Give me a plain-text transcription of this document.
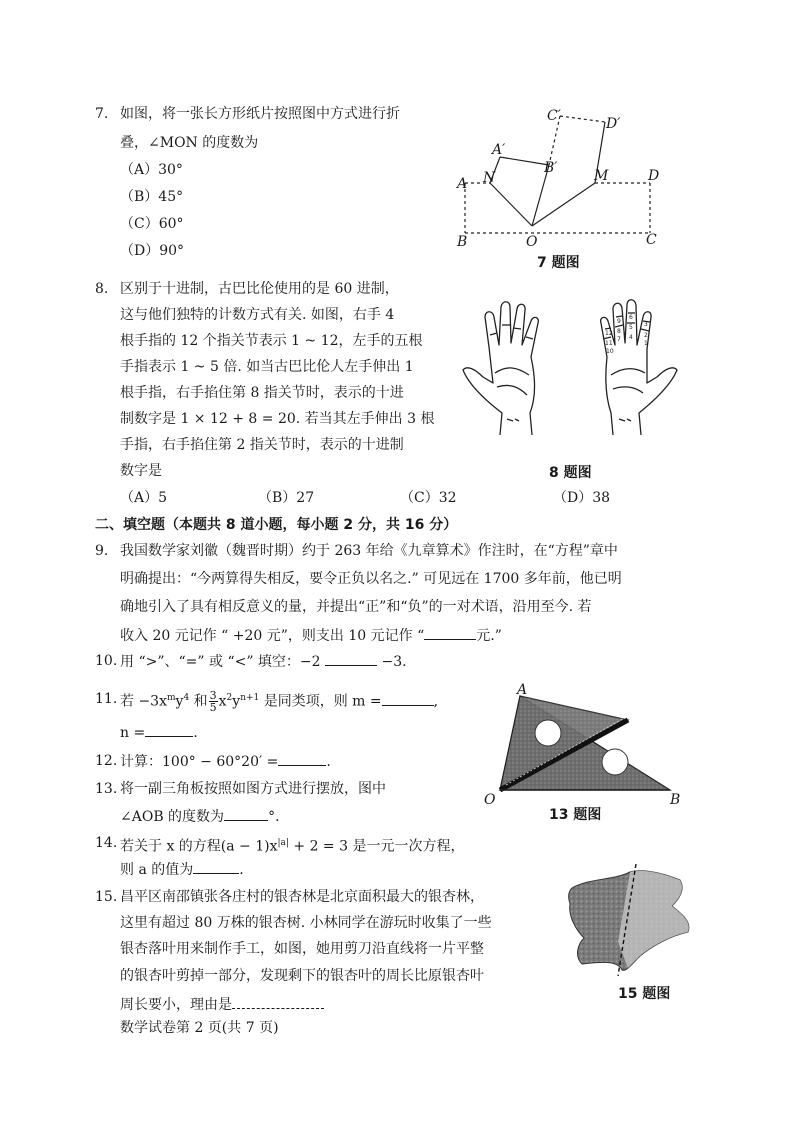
7. 如图，将一张长方形纸片按照图中方式进行折
叠，∠MON 的度数为
（A）30°
（B）45°
（C）60°
（D）90°
C′	D′
A′
B′
A N	M	D
B	O	C
7 题图
8. 区别于十进制，古巴比伦使用的是 60 进制，
这与他们独特的计数方式有关. 如图，右手 4
根手指的 12 个指关节表示 1 ~ 12，左手的五根
手指表示 1 ~ 5 倍. 如当古巴比伦人左手伸出 1
根手指，右手掐住第 8 指关节时，表示的十进
制数字是 1 × 12 + 8 = 20. 若当其左手伸出 3 根
手指，右手掐住第 2 指关节时，表示的十进制
数字是
（A）5	（B）27	（C）32	（D）38
12
9
6
3
11
8
5
2
10
7 4
1
8 题图
二、填空题（本题共 8 道小题，每小题 2 分，共 16 分）
9. 我国数学家刘徽（魏晋时期）约于 263 年给《九章算术》作注时，在“方程”章中
明确提出：“今两算得失相反，要令正负以名之.” 可见远在 1700 多年前，他已明
确地引入了具有相反意义的量，并提出“正”和“负”的一对术语，沿用至今. 若
收入 20 元记作 “ +20 元”，则支出 10 元记作 “	元.”
10. 用 “>”、“=” 或 “<” 填空：−2	−3.
11. 若 $-3x^my^4$ 和 $\frac{3}{5} x^2y^{n+1}$ 是同类项，则 m =	,
n =	.
12. 计算：100° − 60°20′ =	.
13. 将一副三角板按照如图方式进行摆放，图中
∠AOB 的度数为	°.
A
O	B
13 题图
14. 若关于 x 的方程$(a - 1)x^{|a|} + 2 = 3$ 是一元一次方程，
则 a 的值为	.
15. 昌平区南邵镇张各庄村的银杏林是北京面积最大的银杏林，
这里有超过 80 万株的银杏树. 小林同学在游玩时收集了一些
银杏落叶用来制作手工，如图，她用剪刀沿直线将一片平整
的银杏叶剪掉一部分，发现剩下的银杏叶的周长比原银杏叶
周长要小，理由是
15 题图
数学试卷第 2 页(共 7 页)
